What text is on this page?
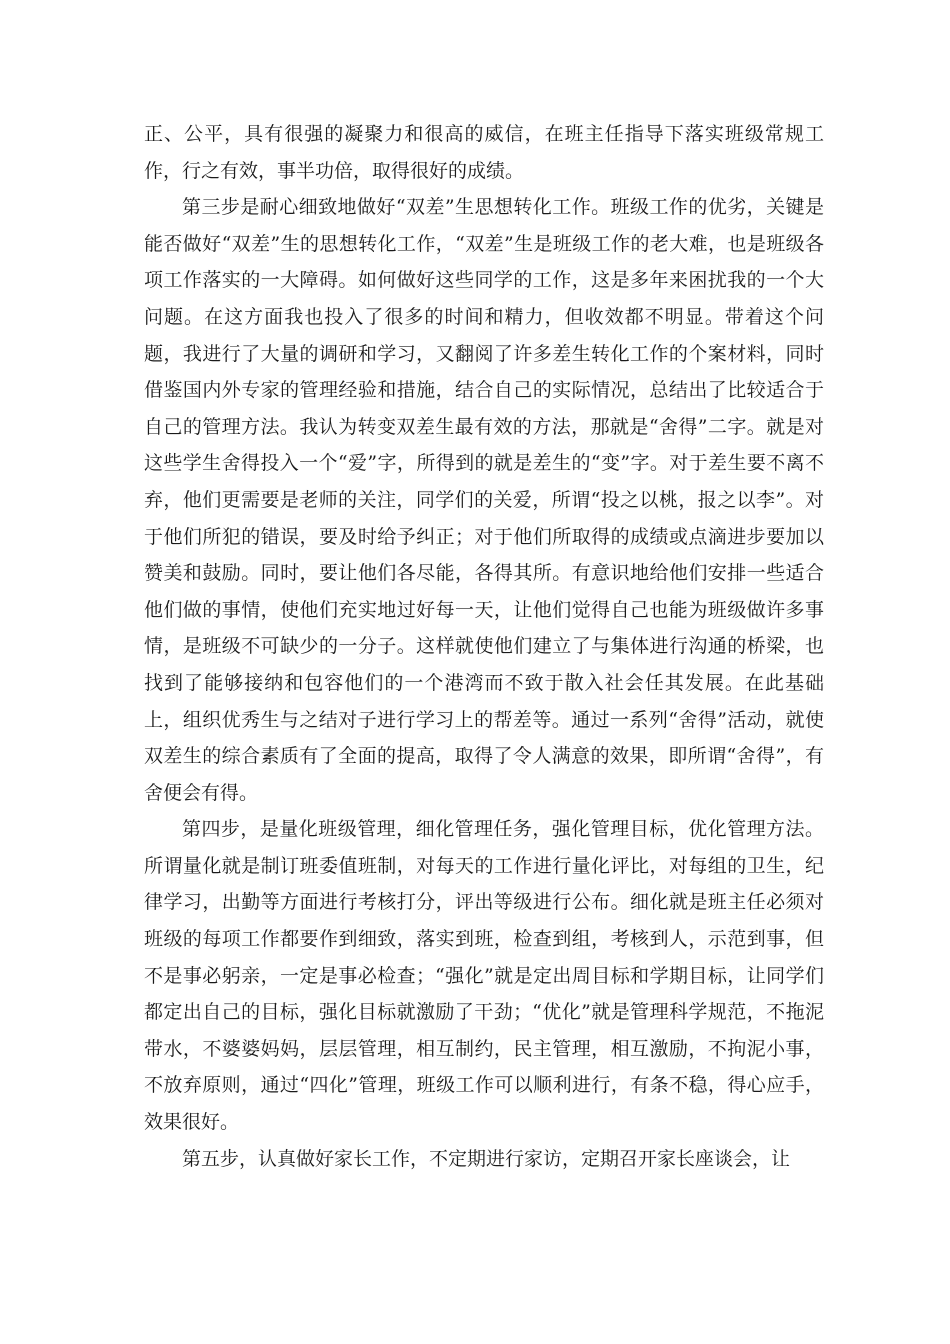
正、公平，具有很强的凝聚力和很高的威信，在班主任指导下落实班级常规工作，行之有效，事半功倍，取得很好的成绩。

第三步是耐心细致地做好“双差”生思想转化工作。班级工作的优劣，关键是能否做好“双差”生的思想转化工作，“双差”生是班级工作的老大难，也是班级各项工作落实的一大障碍。如何做好这些同学的工作，这是多年来困扰我的一个大问题。在这方面我也投入了很多的时间和精力，但收效都不明显。带着这个问题，我进行了大量的调研和学习，又翻阅了许多差生转化工作的个案材料，同时借鉴国内外专家的管理经验和措施，结合自己的实际情况，总结出了比较适合于自己的管理方法。我认为转变双差生最有效的方法，那就是“舍得”二字。就是对这些学生舍得投入一个“爱”字，所得到的就是差生的“变”字。对于差生要不离不弃，他们更需要是老师的关注，同学们的关爱，所谓“投之以桃，报之以李”。对于他们所犯的错误，要及时给予纠正；对于他们所取得的成绩或点滴进步要加以赞美和鼓励。同时，要让他们各尽能，各得其所。有意识地给他们安排一些适合他们做的事情，使他们充实地过好每一天，让他们觉得自己也能为班级做许多事情，是班级不可缺少的一分子。这样就使他们建立了与集体进行沟通的桥梁，也找到了能够接纳和包容他们的一个港湾而不致于散入社会任其发展。在此基础上，组织优秀生与之结对子进行学习上的帮差等。通过一系列“舍得”活动，就使双差生的综合素质有了全面的提高，取得了令人满意的效果，即所谓“舍得”，有舍便会有得。

第四步，是量化班级管理，细化管理任务，强化管理目标，优化管理方法。所谓量化就是制订班委值班制，对每天的工作进行量化评比，对每组的卫生，纪律学习，出勤等方面进行考核打分，评出等级进行公布。细化就是班主任必须对班级的每项工作都要作到细致，落实到班，检查到组，考核到人，示范到事，但不是事必躬亲，一定是事必检查；“强化”就是定出周目标和学期目标，让同学们都定出自己的目标，强化目标就激励了干劲；“优化”就是管理科学规范，不拖泥带水，不婆婆妈妈，层层管理，相互制约，民主管理，相互激励，不拘泥小事，不放弃原则，通过“四化”管理，班级工作可以顺利进行，有条不稳，得心应手，效果很好。

第五步，认真做好家长工作，不定期进行家访，定期召开家长座谈会，让
